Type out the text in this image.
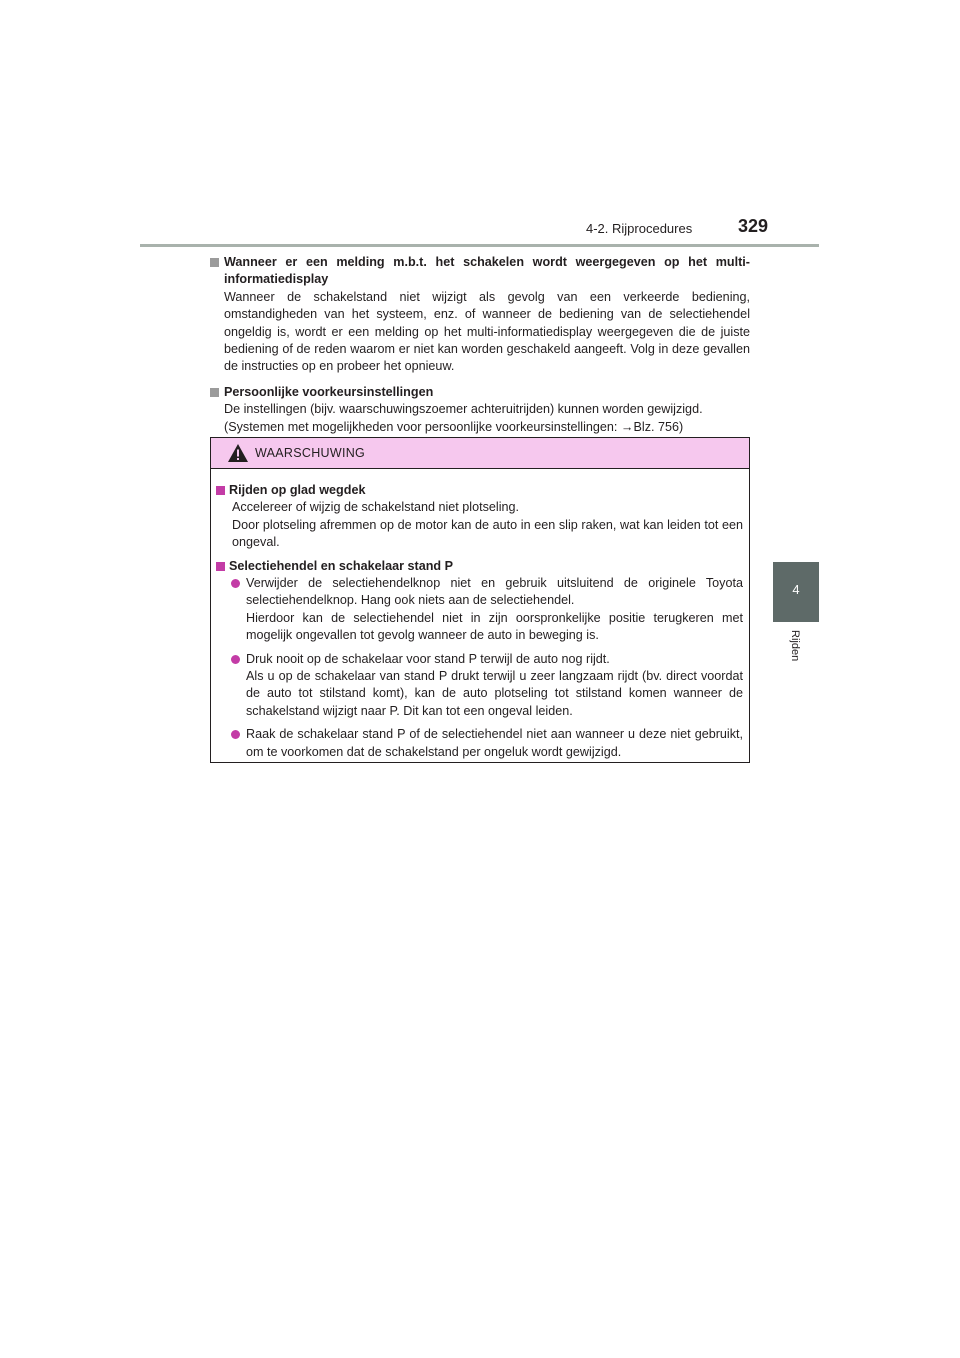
4-2. Rijprocedures	329
4
Rijden
Wanneer er een melding m.b.t. het schakelen wordt weergegeven op het multi-informatiedisplay

Wanneer de schakelstand niet wijzigt als gevolg van een verkeerde bediening, omstandigheden van het systeem, enz. of wanneer de bediening van de selectiehendel ongeldig is, wordt er een melding op het multi-informatiedisplay weergegeven die de juiste bediening of de reden waarom er niet kan worden geschakeld aangeeft. Volg in deze gevallen de instructies op en probeer het opnieuw.

Persoonlijke voorkeursinstellingen

De instellingen (bijv. waarschuwingszoemer achteruitrijden) kunnen worden gewijzigd.

(Systemen met mogelijkheden voor persoonlijke voorkeursinstellingen: →Blz. 756)

WAARSCHUWING
Rijden op glad wegdek

Accelereer of wijzig de schakelstand niet plotseling.

Door plotseling afremmen op de motor kan de auto in een slip raken, wat kan leiden tot een ongeval.

Selectiehendel en schakelaar stand P

Verwijder de selectiehendelknop niet en gebruik uitsluitend de originele Toyota selectiehendelknop. Hang ook niets aan de selectiehendel.

Hierdoor kan de selectiehendel niet in zijn oorspronkelijke positie terugkeren met mogelijk ongevallen tot gevolg wanneer de auto in beweging is.

Druk nooit op de schakelaar voor stand P terwijl de auto nog rijdt.

Als u op de schakelaar van stand P drukt terwijl u zeer langzaam rijdt (bv. direct voordat de auto tot stilstand komt), kan de auto plotseling tot stilstand komen wanneer de schakelstand wijzigt naar P. Dit kan tot een ongeval leiden.

Raak de schakelaar stand P of de selectiehendel niet aan wanneer u deze niet gebruikt, om te voorkomen dat de schakelstand per ongeluk wordt gewijzigd.
